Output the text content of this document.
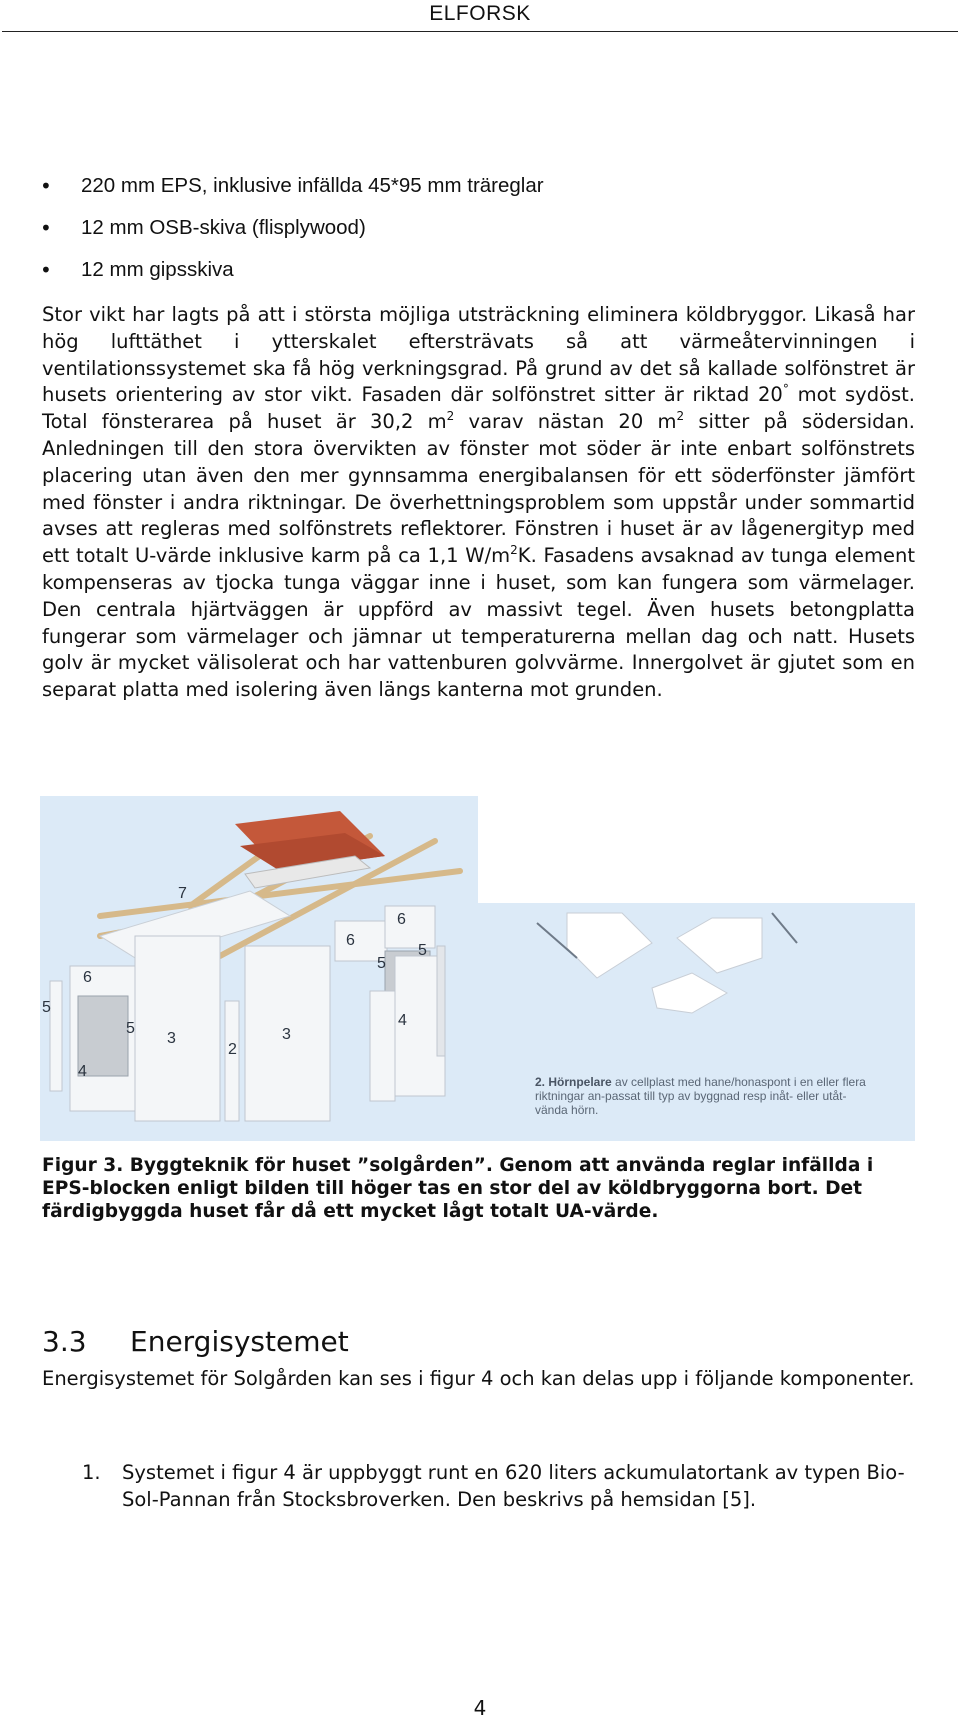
ELFORSK
• 220 mm EPS, inklusive infällda 45*95 mm träreglar
• 12 mm OSB-skiva (flisplywood)
• 12 mm gipsskiva
Stor vikt har lagts på att i största möjliga utsträckning eliminera köldbryggor. Likaså har hög lufttäthet i ytterskalet eftersträvats så att värmeåtervinningen i ventilationssystemet ska få hög verkningsgrad. På grund av det så kallade solfönstret är husets orientering av stor vikt. Fasaden där solfönstret sitter är riktad 20° mot sydöst. Total fönsterarea på huset är 30,2 $m^2$ varav nästan 20 $m^2$ sitter på södersidan. Anledningen till den stora övervikten av fönster mot söder är inte enbart solfönstrets placering utan även den mer gynnsamma energibalansen för ett söderfönster jämfört med fönster i andra riktningar. De överhettningsproblem som uppstår under sommartid avses att regleras med solfönstrets reflektorer. Fönstren i huset är av lågenergityp med ett totalt U-värde inklusive karm på ca 1,1 $W/m^2K$. Fasadens avsaknad av tunga element kompenseras av tjocka tunga väggar inne i huset, som kan fungera som värmelager. Den centrala hjärtväggen är uppförd av massivt tegel. Även husets betongplatta fungerar som värmelager och jämnar ut temperaturerna mellan dag och natt. Husets golv är mycket välisolerat och har vattenburen golvvärme. Innergolvet är gjutet som en separat platta med isolering även längs kanterna mot grunden.
7
6
5
5
3
4
2
3
6
6
5
5
4
2. Hörnpelare av cellplast med hane/honaspont i en eller flera riktningar an-passat till typ av byggnad resp inåt- eller utåt-vända hörn.
Figur 3. Byggteknik för huset ”solgården”. Genom att använda reglar infällda i EPS-blocken enligt bilden till höger tas en stor del av köldbryggorna bort. Det färdigbyggda huset får då ett mycket lågt totalt UA-värde.
3.3 Energisystemet
Energisystemet för Solgården kan ses i figur 4 och kan delas upp i följande komponenter.
1. Systemet i figur 4 är uppbyggt runt en 620 liters ackumulatortank av typen Bio-Sol-Pannan från Stocksbroverken. Den beskrivs på hemsidan [5].
4
